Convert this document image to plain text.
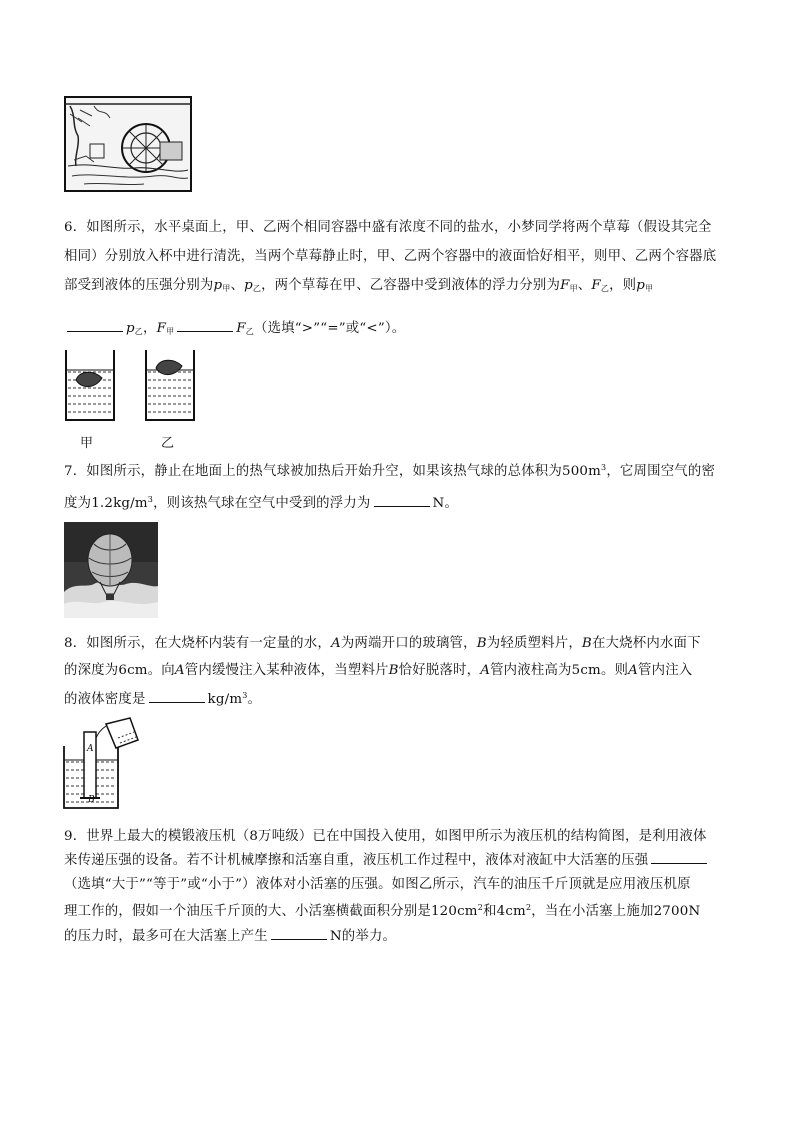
6．如图所示，水平桌面上，甲、乙两个相同容器中盛有浓度不同的盐水，小梦同学将两个草莓（假设其完全
相同）分别放入杯中进行清洗，当两个草莓静止时，甲、乙两个容器中的液面恰好相平，则甲、乙两个容器底
部受到液体的压强分别为$p_甲$、$p_乙$，两个草莓在甲、乙容器中受到液体的浮力分别为$F_甲$、$F_乙$，则$p_甲$
$p_乙$，$F_甲$	$F_乙$（选填“>”“=”或“<”）。
甲	乙
7．如图所示，静止在地面上的热气球被加热后开始升空，如果该热气球的总体积为$500m^3$，它周围空气的密
度为$1.2kg/m^3$，则该热气球在空气中受到的浮力为	N。
8．如图所示，在大烧杯内装有一定量的水，A为两端开口的玻璃管，B为轻质塑料片，B在大烧杯内水面下
的深度为6cm。向A管内缓慢注入某种液体，当塑料片B恰好脱落时，A管内液柱高为5cm。则A管内注入
的液体密度是	$kg/m^3$。
A
B
9．世界上最大的模锻液压机（8万吨级）已在中国投入使用，如图甲所示为液压机的结构简图，是利用液体
来传递压强的设备。若不计机械摩擦和活塞自重，液压机工作过程中，液体对液缸中大活塞的压强
（选填“大于”“等于”或“小于”）液体对小活塞的压强。如图乙所示，汽车的油压千斤顶就是应用液压机原
理工作的，假如一个油压千斤顶的大、小活塞横截面积分别是$120cm^2$和$4cm^2$，当在小活塞上施加2700N
的压力时，最多可在大活塞上产生	N的举力。
